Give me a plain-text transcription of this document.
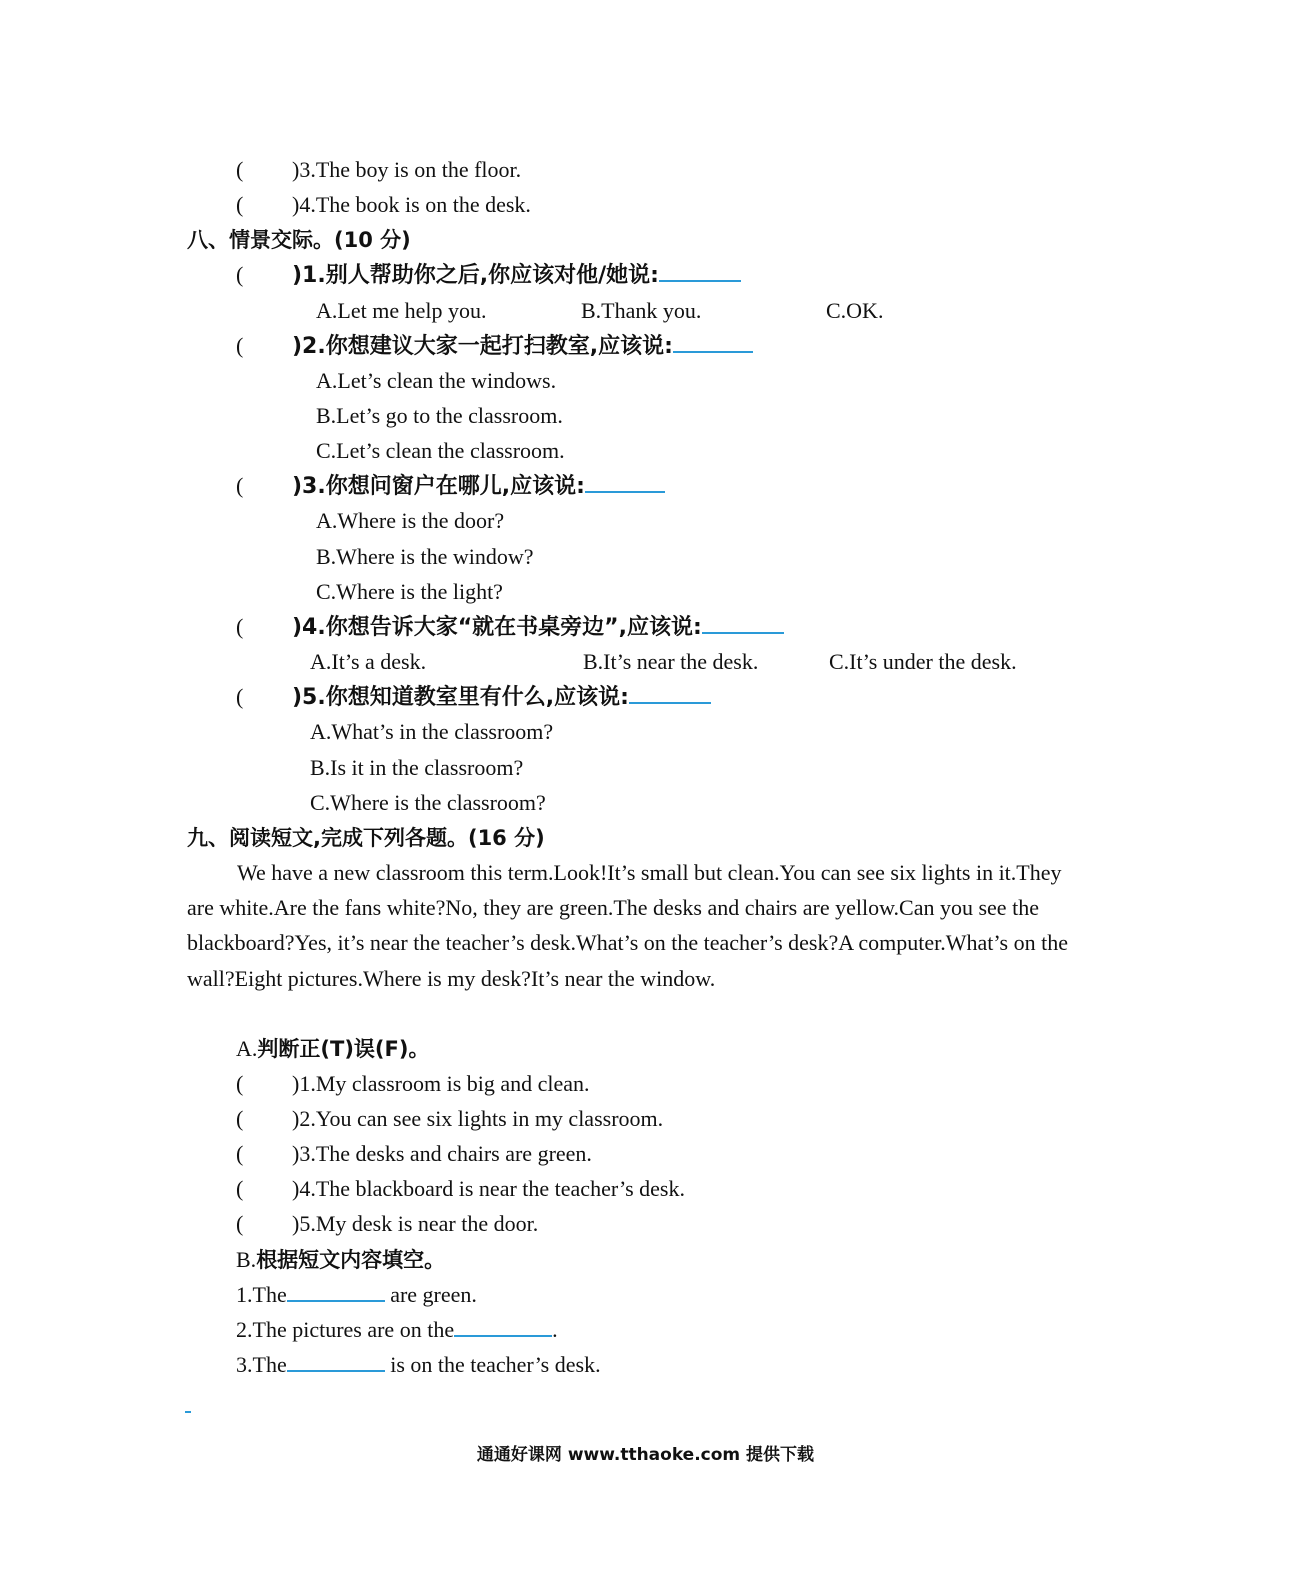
( )3.The boy is on the floor.
( )4.The book is on the desk.
八、情景交际。(10 分)
( )1.别人帮助你之后,你应该对他/她说:
A.Let me help you.	B.Thank you.	C.OK.
( )2.你想建议大家一起打扫教室,应该说:
A.Let’s clean the windows.
B.Let’s go to the classroom.
C.Let’s clean the classroom.
( )3.你想问窗户在哪儿,应该说:
A.Where is the door?
B.Where is the window?
C.Where is the light?
( )4.你想告诉大家“就在书桌旁边”,应该说:
A.It’s a desk.	B.It’s near the desk.	C.It’s under the desk.
( )5.你想知道教室里有什么,应该说:
A.What’s in the classroom?
B.Is it in the classroom?
C.Where is the classroom?
九、阅读短文,完成下列各题。(16 分)
We have a new classroom this term.Look!It’s small but clean.You can see six lights in it.They are white.Are the fans white?No, they are green.The desks and chairs are yellow.Can you see the blackboard?Yes, it’s near the teacher’s desk.What’s on the teacher’s desk?A computer.What’s on the wall?Eight pictures.Where is my desk?It’s near the window.
A.判断正(T)误(F)。
( )1.My classroom is big and clean.
( )2.You can see six lights in my classroom.
( )3.The desks and chairs are green.
( )4.The blackboard is near the teacher’s desk.
( )5.My desk is near the door.
B.根据短文内容填空。
1.The	are green.
2.The pictures are on the	.
3.The	is on the teacher’s desk.
通通好课网 www.tthaoke.com 提供下载
